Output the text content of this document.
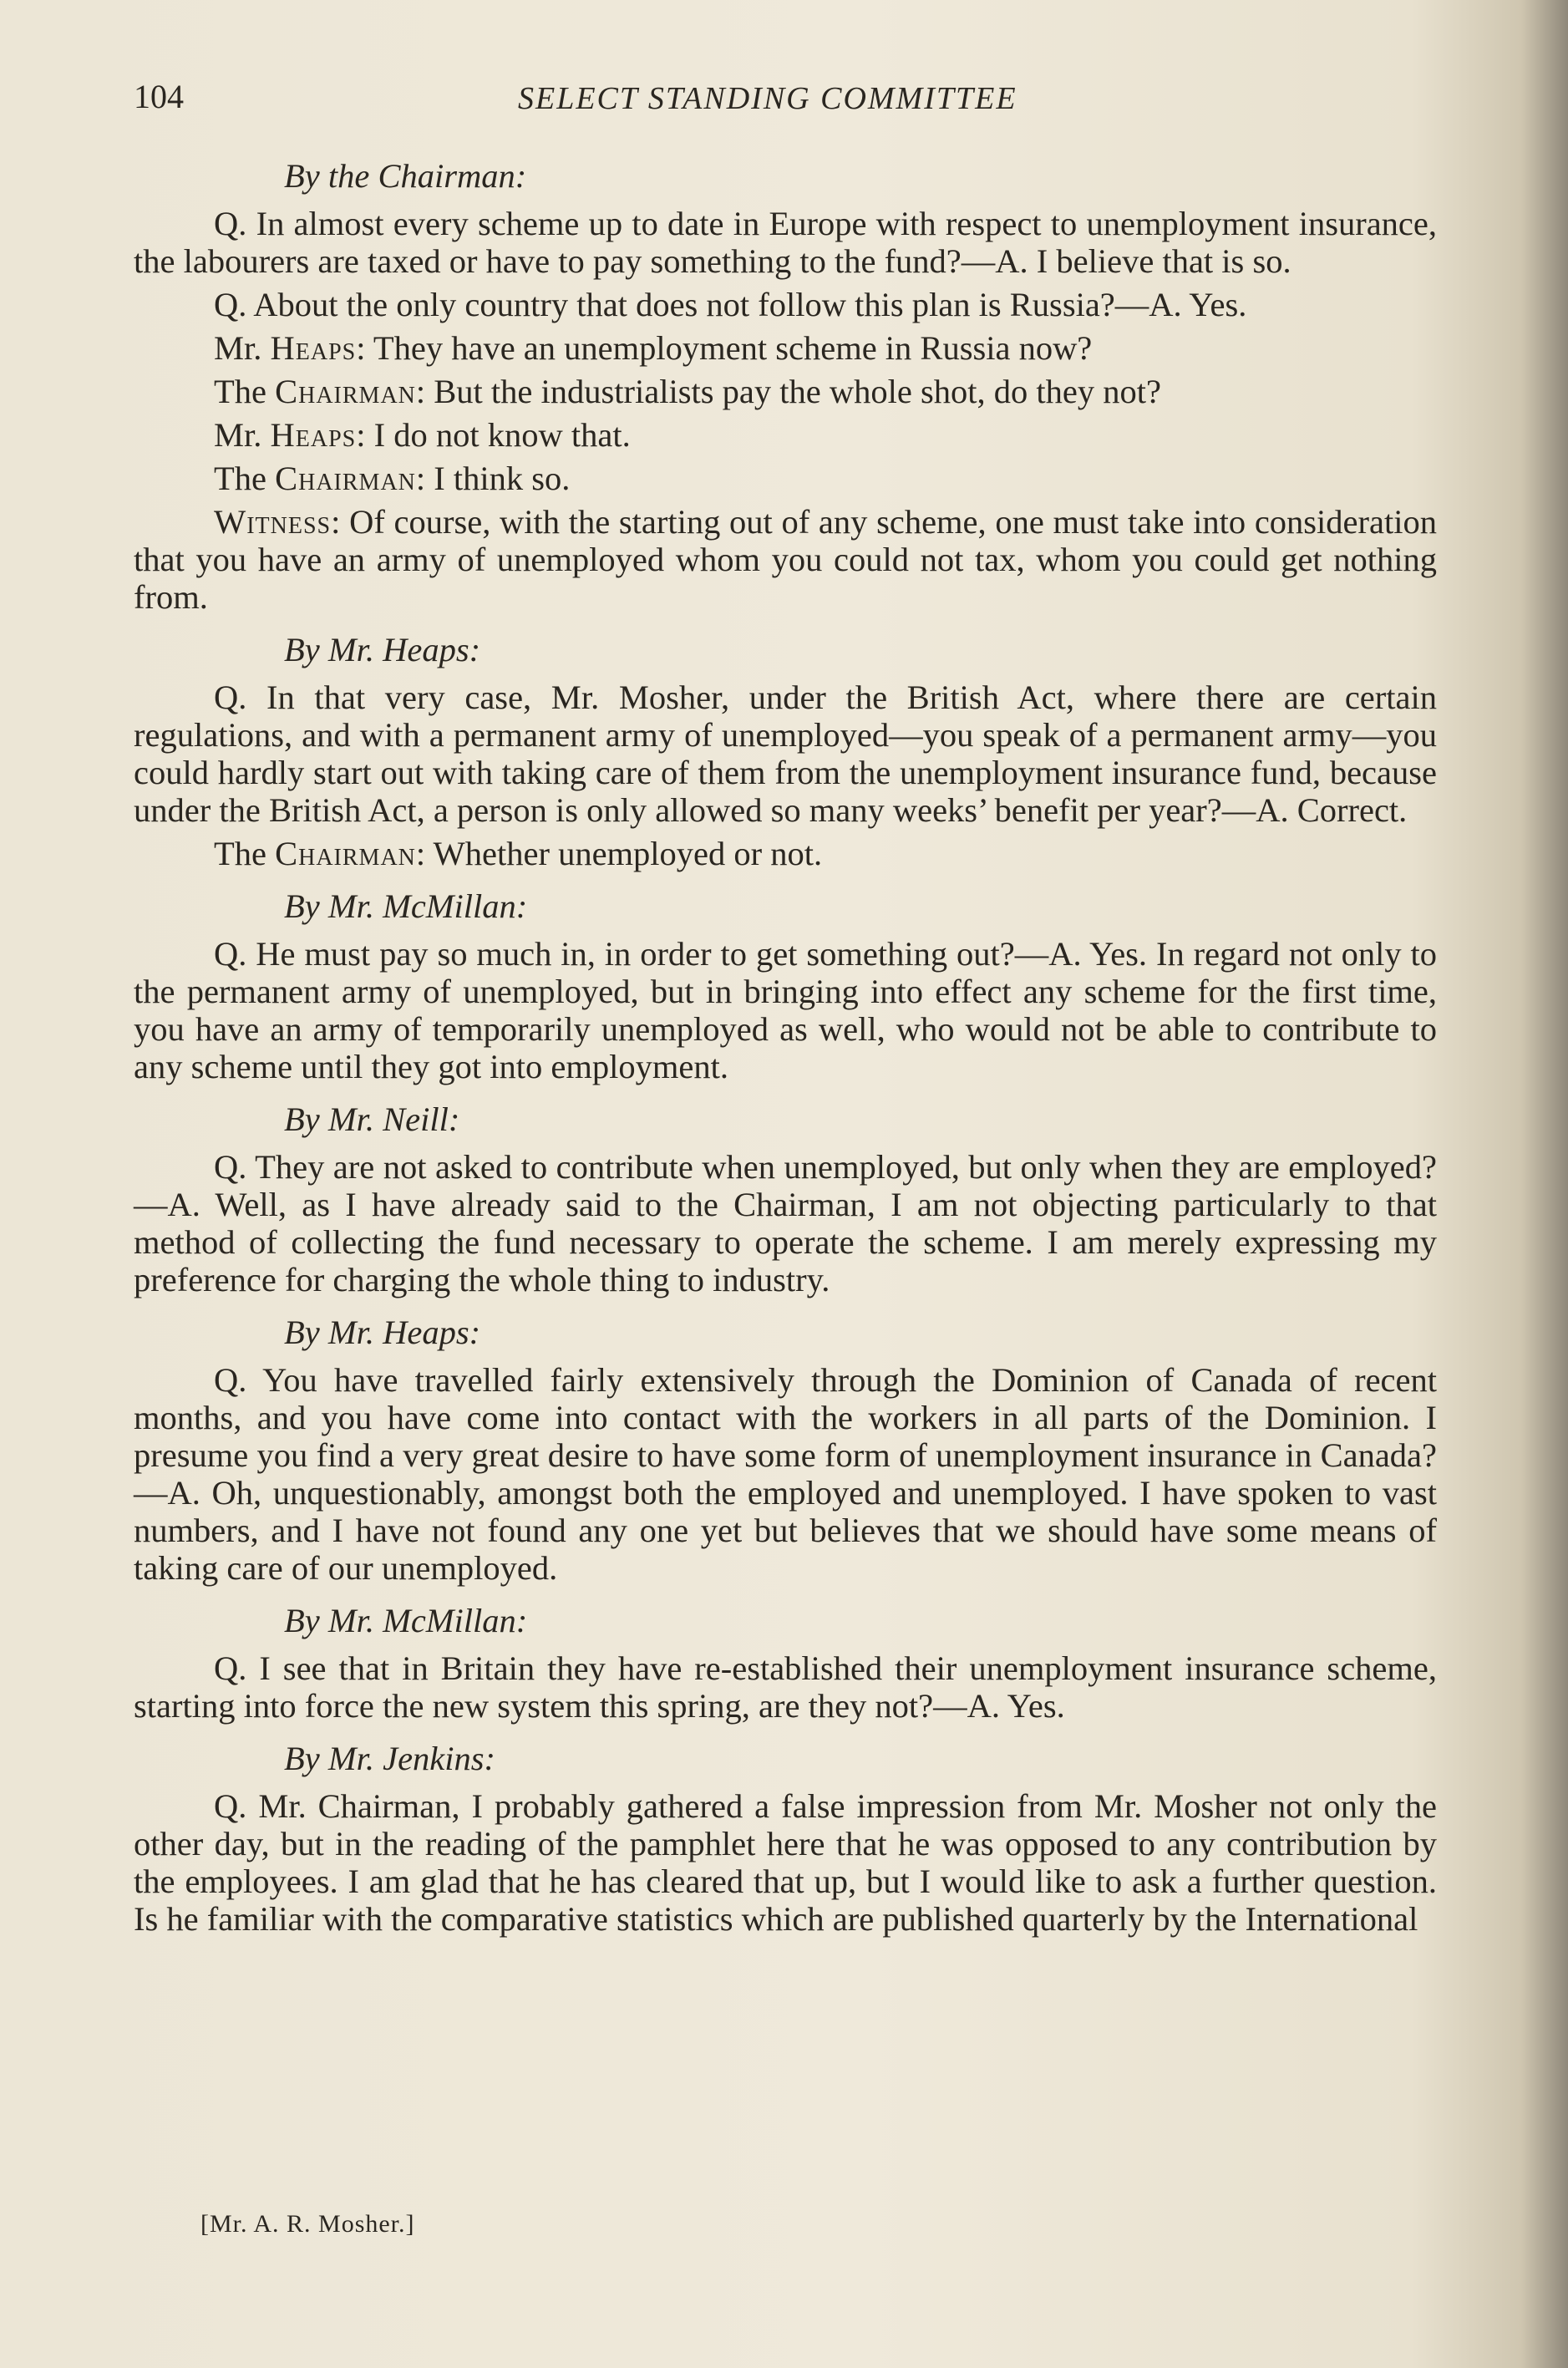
104	SELECT STANDING COMMITTEE
By the Chairman:

Q. In almost every scheme up to date in Europe with respect to unemployment insurance, the labourers are taxed or have to pay something to the fund?—A. I believe that is so.

Q. About the only country that does not follow this plan is Russia?—A. Yes.

Mr. Heaps: They have an unemployment scheme in Russia now?

The Chairman: But the industrialists pay the whole shot, do they not?

Mr. Heaps: I do not know that.

The Chairman: I think so.

Witness: Of course, with the starting out of any scheme, one must take into consideration that you have an army of unemployed whom you could not tax, whom you could get nothing from.

By Mr. Heaps:

Q. In that very case, Mr. Mosher, under the British Act, where there are certain regulations, and with a permanent army of unemployed—you speak of a permanent army—you could hardly start out with taking care of them from the unemployment insurance fund, because under the British Act, a person is only allowed so many weeks’ benefit per year?—A. Correct.

The Chairman: Whether unemployed or not.

By Mr. McMillan:

Q. He must pay so much in, in order to get something out?—A. Yes. In regard not only to the permanent army of unemployed, but in bringing into effect any scheme for the first time, you have an army of temporarily unemployed as well, who would not be able to contribute to any scheme until they got into employment.

By Mr. Neill:

Q. They are not asked to contribute when unemployed, but only when they are employed?—A. Well, as I have already said to the Chairman, I am not objecting particularly to that method of collecting the fund necessary to operate the scheme. I am merely expressing my preference for charging the whole thing to industry.

By Mr. Heaps:

Q. You have travelled fairly extensively through the Dominion of Canada of recent months, and you have come into contact with the workers in all parts of the Dominion. I presume you find a very great desire to have some form of unemployment insurance in Canada?—A. Oh, unquestionably, amongst both the employed and unemployed. I have spoken to vast numbers, and I have not found any one yet but believes that we should have some means of taking care of our unemployed.

By Mr. McMillan:

Q. I see that in Britain they have re-established their unemployment insurance scheme, starting into force the new system this spring, are they not?—A. Yes.

By Mr. Jenkins:

Q. Mr. Chairman, I probably gathered a false impression from Mr. Mosher not only the other day, but in the reading of the pamphlet here that he was opposed to any contribution by the employees. I am glad that he has cleared that up, but I would like to ask a further question. Is he familiar with the comparative statistics which are published quarterly by the International

[Mr. A. R. Mosher.]
